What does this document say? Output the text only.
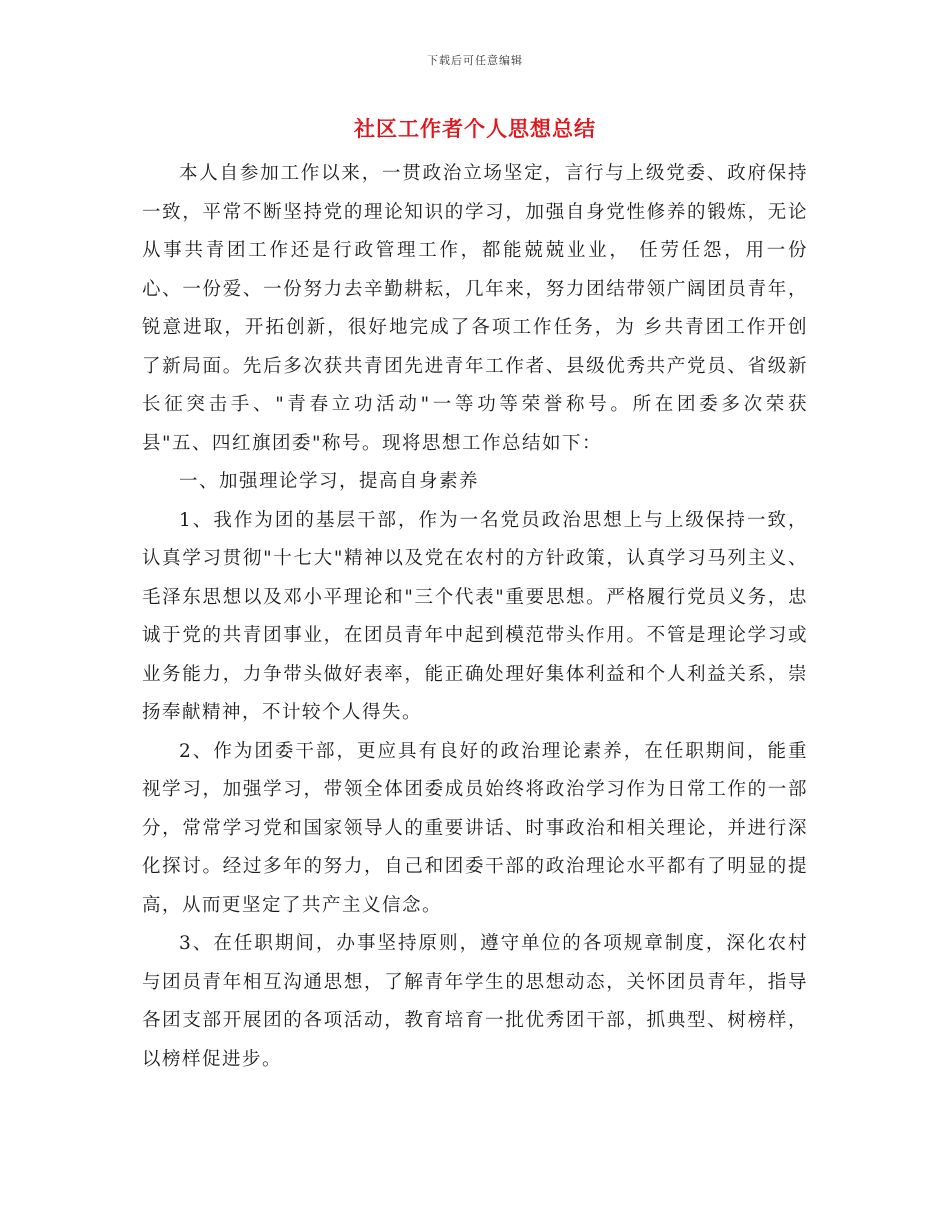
下载后可任意编辑
社区工作者个人思想总结

本人自参加工作以来，一贯政治立场坚定，言行与上级党委、政府保持一致，平常不断坚持党的理论知识的学习，加强自身党性修养的锻炼，无论从事共青团工作还是行政管理工作，都能兢兢业业， 任劳任怨，用一份心、一份爱、一份努力去辛勤耕耘，几年来，努力团结带领广阔团员青年，锐意进取，开拓创新，很好地完成了各项工作任务，为 乡共青团工作开创了新局面。先后多次获共青团先进青年工作者、县级优秀共产党员、省级新长征突击手、"青春立功活动"一等功等荣誉称号。所在团委多次荣获 县"五、四红旗团委"称号。现将思想工作总结如下：

一、加强理论学习，提高自身素养

1、我作为团的基层干部，作为一名党员政治思想上与上级保持一致，认真学习贯彻"十七大"精神以及党在农村的方针政策，认真学习马列主义、毛泽东思想以及邓小平理论和"三个代表"重要思想。严格履行党员义务，忠诚于党的共青团事业，在团员青年中起到模范带头作用。不管是理论学习或业务能力，力争带头做好表率，能正确处理好集体利益和个人利益关系，崇扬奉献精神，不计较个人得失。

2、作为团委干部，更应具有良好的政治理论素养，在任职期间，能重视学习，加强学习，带领全体团委成员始终将政治学习作为日常工作的一部分，常常学习党和国家领导人的重要讲话、时事政治和相关理论，并进行深化探讨。经过多年的努力，自己和团委干部的政治理论水平都有了明显的提高，从而更坚定了共产主义信念。

3、在任职期间，办事坚持原则，遵守单位的各项规章制度，深化农村与团员青年相互沟通思想，了解青年学生的思想动态，关怀团员青年，指导各团支部开展团的各项活动，教育培育一批优秀团干部，抓典型、树榜样，以榜样促进步。
